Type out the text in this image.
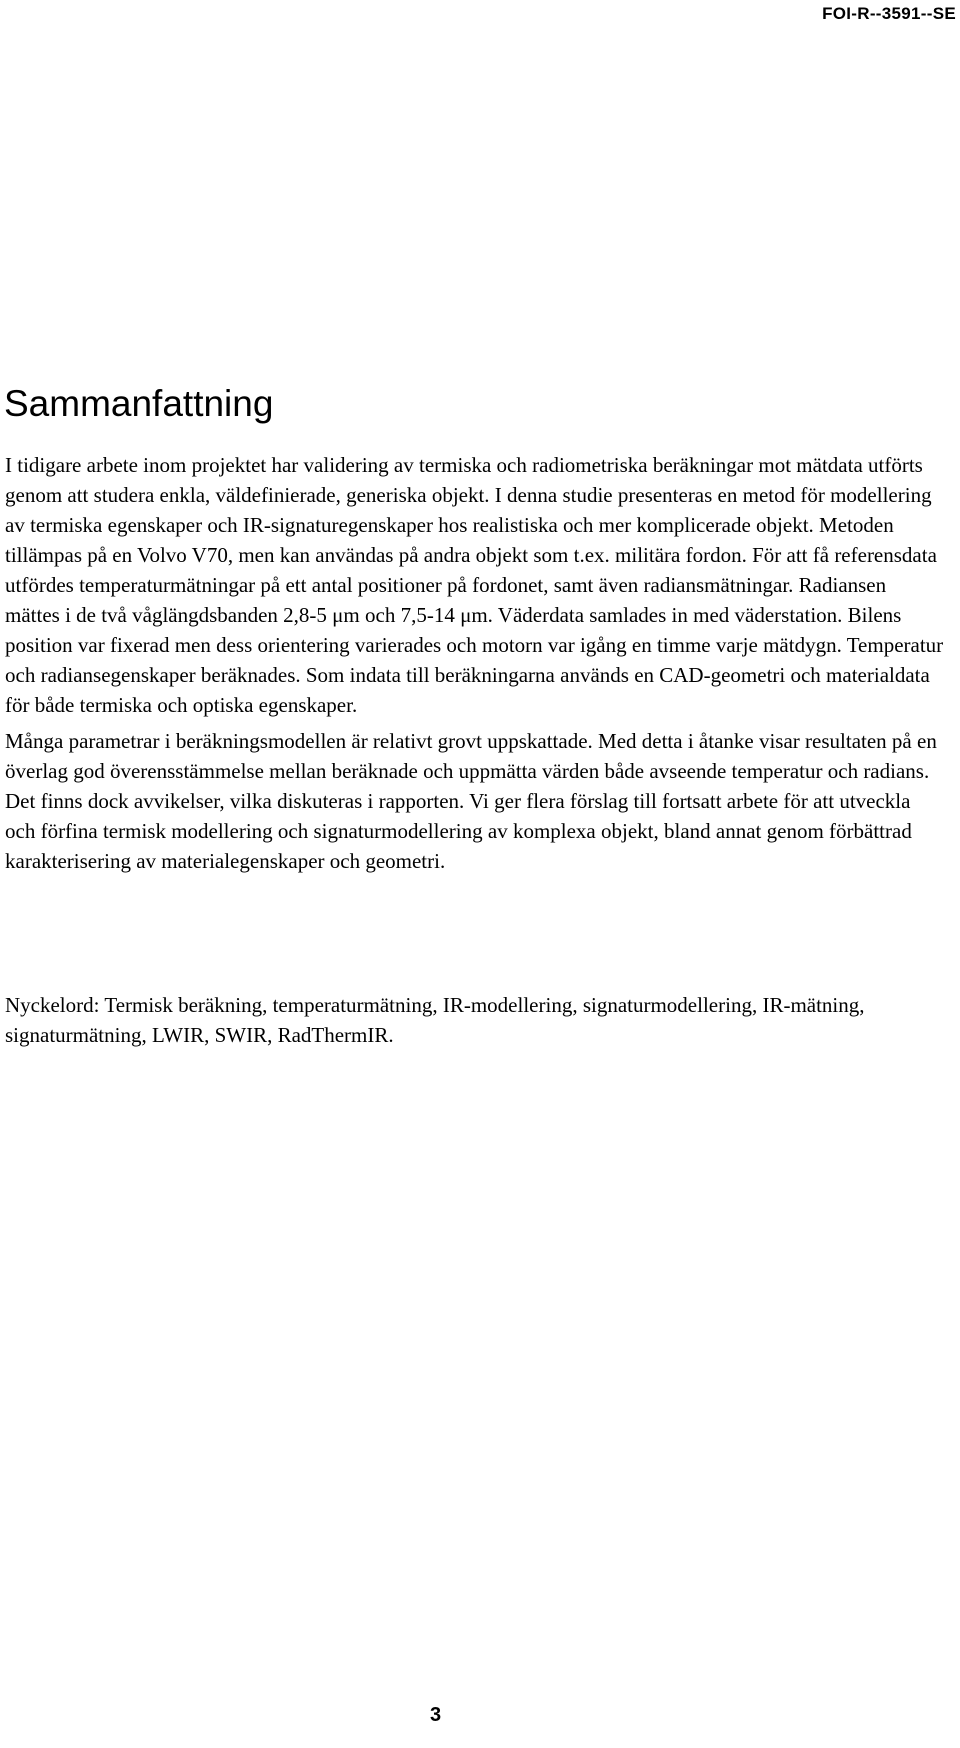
FOI-R--3591--SE

Sammanfattning

I tidigare arbete inom projektet har validering av termiska och radiometriska beräkningar mot mätdata utförts genom att studera enkla, väldefinierade, generiska objekt. I denna studie presenteras en metod för modellering av termiska egenskaper och IR-signaturegenskaper hos realistiska och mer komplicerade objekt. Metoden tillämpas på en Volvo V70, men kan användas på andra objekt som t.ex. militära fordon. För att få referensdata utfördes temperaturmätningar på ett antal positioner på fordonet, samt även radiansmätningar. Radiansen mättes i de två våglängdsbanden 2,8-5 μm och 7,5-14 μm. Väderdata samlades in med väderstation. Bilens position var fixerad men dess orientering varierades och motorn var igång en timme varje mätdygn. Temperatur och radiansegenskaper beräknades. Som indata till beräkningarna används en CAD-geometri och materialdata för både termiska och optiska egenskaper.

Många parametrar i beräkningsmodellen är relativt grovt uppskattade. Med detta i åtanke visar resultaten på en överlag god överensstämmelse mellan beräknade och uppmätta värden både avseende temperatur och radians. Det finns dock avvikelser, vilka diskuteras i rapporten. Vi ger flera förslag till fortsatt arbete för att utveckla och förfina termisk modellering och signaturmodellering av komplexa objekt, bland annat genom förbättrad karakterisering av materialegenskaper och geometri.

Nyckelord: Termisk beräkning, temperaturmätning, IR-modellering, signaturmodellering, IR-mätning, signaturmätning, LWIR, SWIR, RadThermIR.

3
